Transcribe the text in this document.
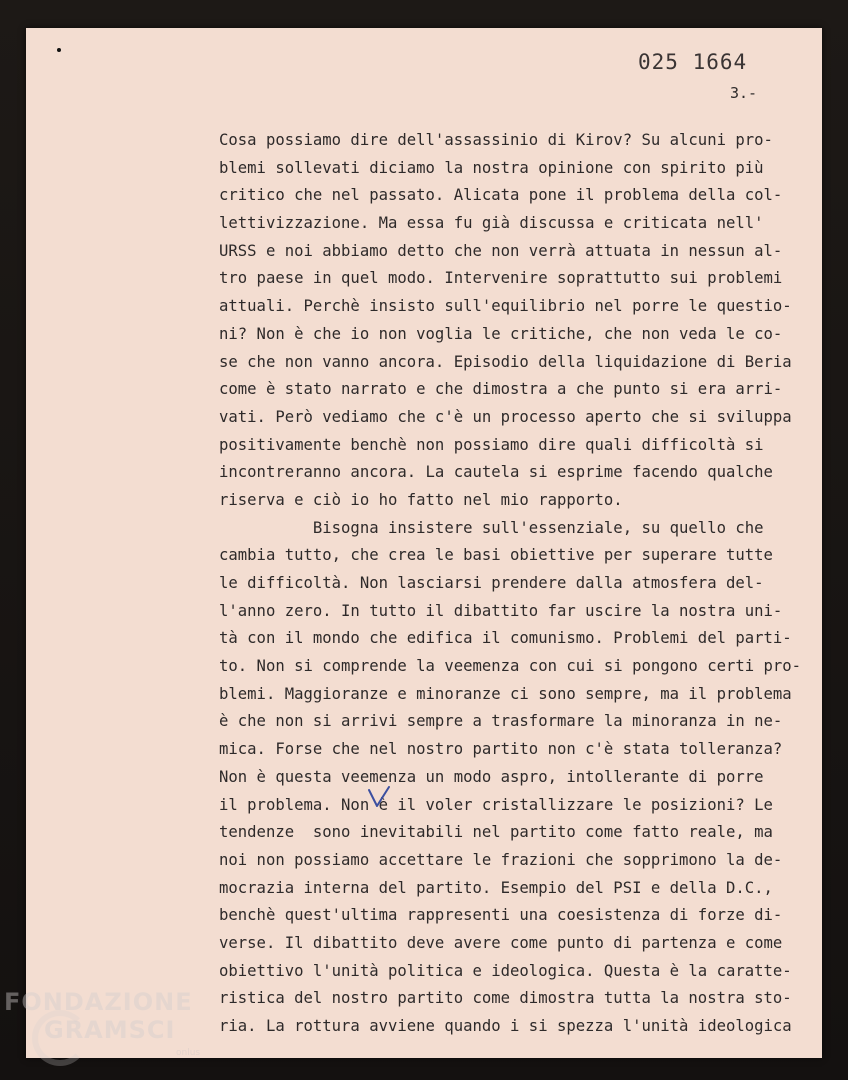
025 1664
3.-
Cosa possiamo dire dell'assassinio di Kirov? Su alcuni pro-
blemi sollevati diciamo la nostra opinione con spirito più
critico che nel passato. Alicata pone il problema della col-
lettivizzazione. Ma essa fu già discussa e criticata nell'
URSS e noi abbiamo detto che non verrà attuata in nessun al-
tro paese in quel modo. Intervenire soprattutto sui problemi
attuali. Perchè insisto sull'equilibrio nel porre le questio-
ni? Non è che io non voglia le critiche, che non veda le co-
se che non vanno ancora. Episodio della liquidazione di Beria
come è stato narrato e che dimostra a che punto si era arri-
vati. Però vediamo che c'è un processo aperto che si sviluppa
positivamente benchè non possiamo dire quali difficoltà si
incontreranno ancora. La cautela si esprime facendo qualche
riserva e ciò io ho fatto nel mio rapporto.
Bisogna insistere sull'essenziale, su quello che
cambia tutto, che crea le basi obiettive per superare tutte
le difficoltà. Non lasciarsi prendere dalla atmosfera del-
l'anno zero. In tutto il dibattito far uscire la nostra uni-
tà con il mondo che edifica il comunismo. Problemi del parti-
to. Non si comprende la veemenza con cui si pongono certi pro-
blemi. Maggioranze e minoranze ci sono sempre, ma il problema
è che non si arrivi sempre a trasformare la minoranza in ne-
mica. Forse che nel nostro partito non c'è stata tolleranza?
Non è questa veemenza un modo aspro, intollerante di porre
il problema. Non è il voler cristallizzare le posizioni? Le
tendenze  sono inevitabili nel partito come fatto reale, ma
noi non possiamo accettare le frazioni che sopprimono la de-
mocrazia interna del partito. Esempio del PSI e della D.C.,
benchè quest'ultima rappresenti una coesistenza di forze di-
verse. Il dibattito deve avere come punto di partenza e come
obiettivo l'unità politica e ideologica. Questa è la caratte-
ristica del nostro partito come dimostra tutta la nostra sto-
ria. La rottura avviene quando i si spezza l'unità ideologica
FONDAZIONE
GRAMSCI
onlus
